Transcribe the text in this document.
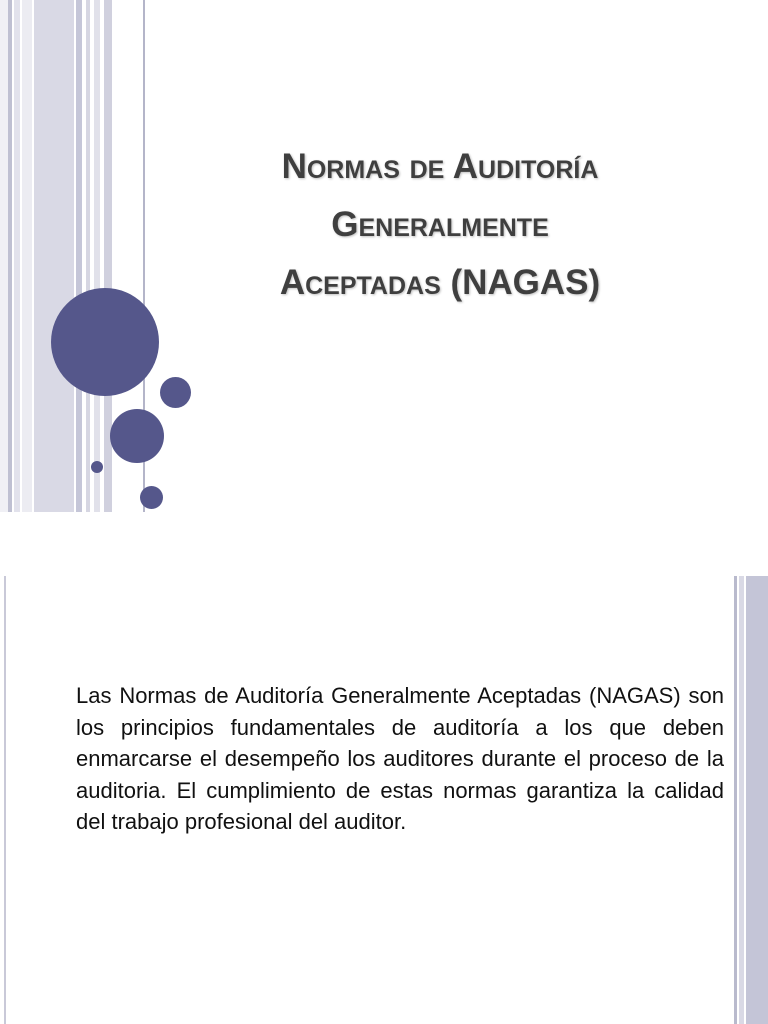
Normas de Auditoría
Generalmente
Aceptadas (NAGAS)
Las Normas de Auditoría Generalmente Aceptadas (NAGAS) son los principios fundamentales de auditoría a los que deben enmarcarse el desempeño los auditores durante el proceso de la auditoria. El cumplimiento de estas normas garantiza la calidad del trabajo profesional del auditor.
